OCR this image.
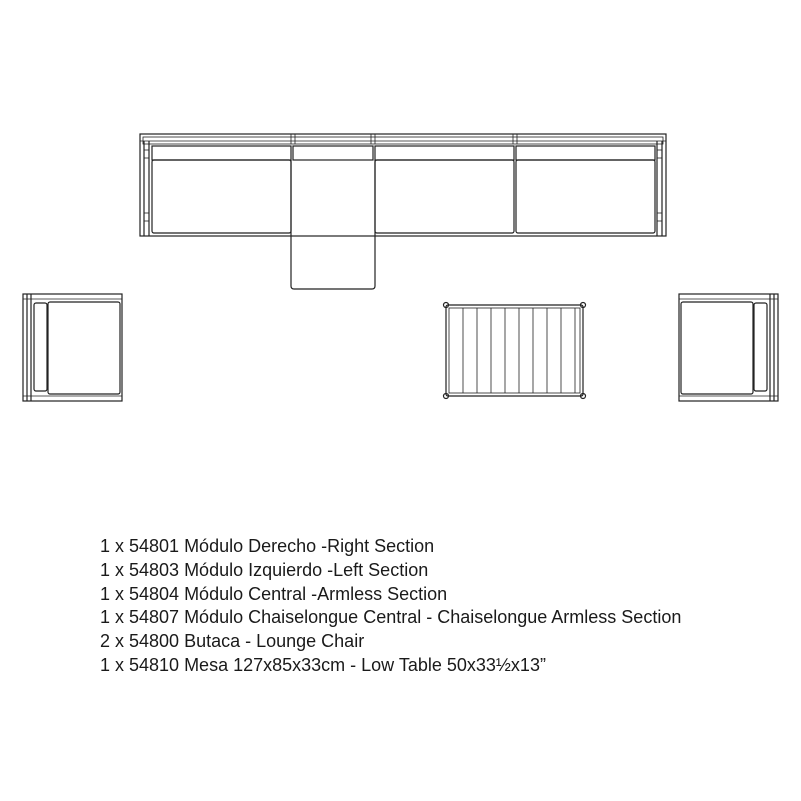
1 x 54801 Módulo Derecho -Right Section
1 x 54803 Módulo Izquierdo -Left Section
1 x 54804 Módulo Central -Armless Section
1 x 54807 Módulo Chaiselongue Central - Chaiselongue Armless Section
2 x 54800 Butaca - Lounge Chair
1 x 54810 Mesa 127x85x33cm - Low Table 50x33½x13”
